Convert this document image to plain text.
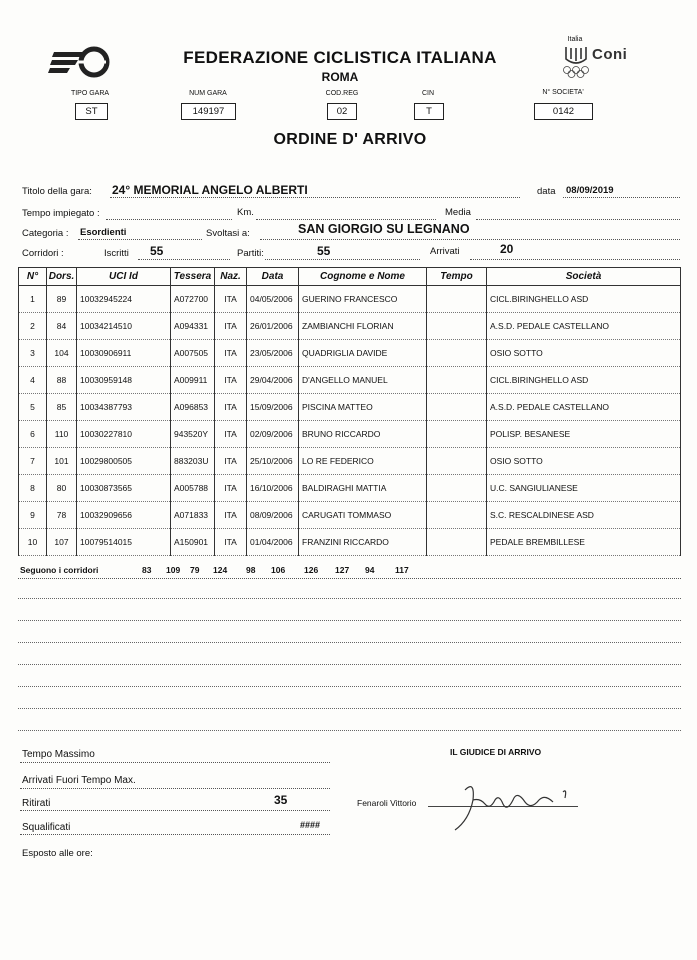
FEDERAZIONE CICLISTICA ITALIANA
ROMA
Italia
Coni
TIPO GARA
ST
NUM GARA
149197
COD.REG
02
CIN
T
N° SOCIETA'
0142
ORDINE D' ARRIVO
Titolo della gara: 24° MEMORIAL ANGELO ALBERTI	data 08/09/2019
Tempo impiegato :	Km.	Media
Categoria : Esordienti	Svoltasi a:	SAN GIORGIO SU LEGNANO
Corridori :	Iscritti 55	Partiti:	55	Arrivati	20
N°	Dors.	UCI Id	Tessera	Naz.	Data	Cognome e Nome	Tempo	Società
1	89	10032945224	A072700	ITA	04/05/2006	GUERINO FRANCESCO		CICL.BIRINGHELLO ASD
2	84	10034214510	A094331	ITA	26/01/2006	ZAMBIANCHI FLORIAN		A.S.D. PEDALE CASTELLANO
3	104	10030906911	A007505	ITA	23/05/2006	QUADRIGLIA DAVIDE		OSIO SOTTO
4	88	10030959148	A009911	ITA	29/04/2006	D'ANGELLO MANUEL		CICL.BIRINGHELLO ASD
5	85	10034387793	A096853	ITA	15/09/2006	PISCINA MATTEO		A.S.D. PEDALE CASTELLANO
6	110	10030227810	943520Y	ITA	02/09/2006	BRUNO RICCARDO		POLISP. BESANESE
7	101	10029800505	883203U	ITA	25/10/2006	LO RE FEDERICO		OSIO SOTTO
8	80	10030873565	A005788	ITA	16/10/2006	BALDIRAGHI MATTIA		U.C. SANGIULIANESE
9	78	10032909656	A071833	ITA	08/09/2006	CARUGATI TOMMASO		S.C. RESCALDINESE ASD
10	107	10079514015	A150901	ITA	01/04/2006	FRANZINI RICCARDO		PEDALE BREMBILLESE
Seguono i corridori	83 109 79 124 98 106 126 127 94 117
Tempo Massimo
Arrivati Fuori Tempo Max.
Ritirati	35
Squalificati	####
Esposto alle ore:
IL GIUDICE DI ARRIVO
Fenaroli Vittorio
